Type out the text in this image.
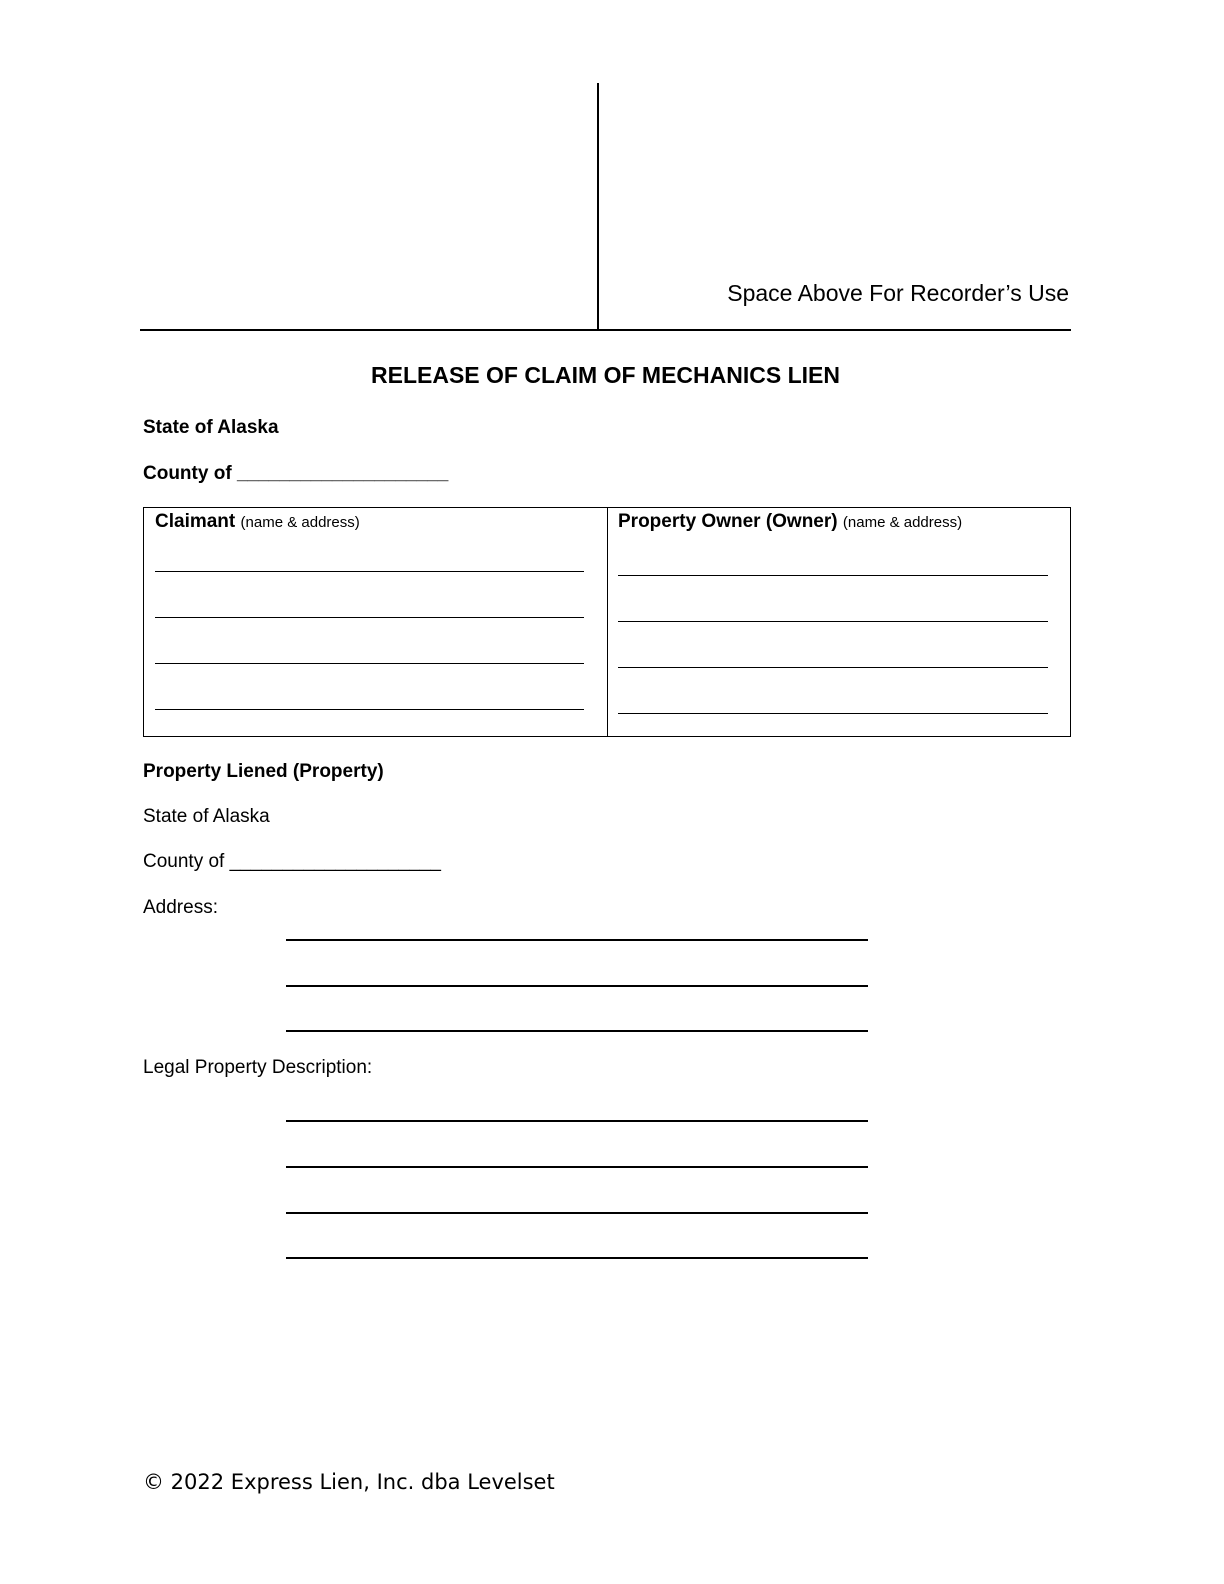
Space Above For Recorder’s Use
RELEASE OF CLAIM OF MECHANICS LIEN
State of Alaska
County of ____________________
Claimant (name & address)	Property Owner (Owner) (name & address)
Property Liened (Property)
State of Alaska
County of ____________________
Address:
Legal Property Description:
© 2022 Express Lien, Inc. dba Levelset
